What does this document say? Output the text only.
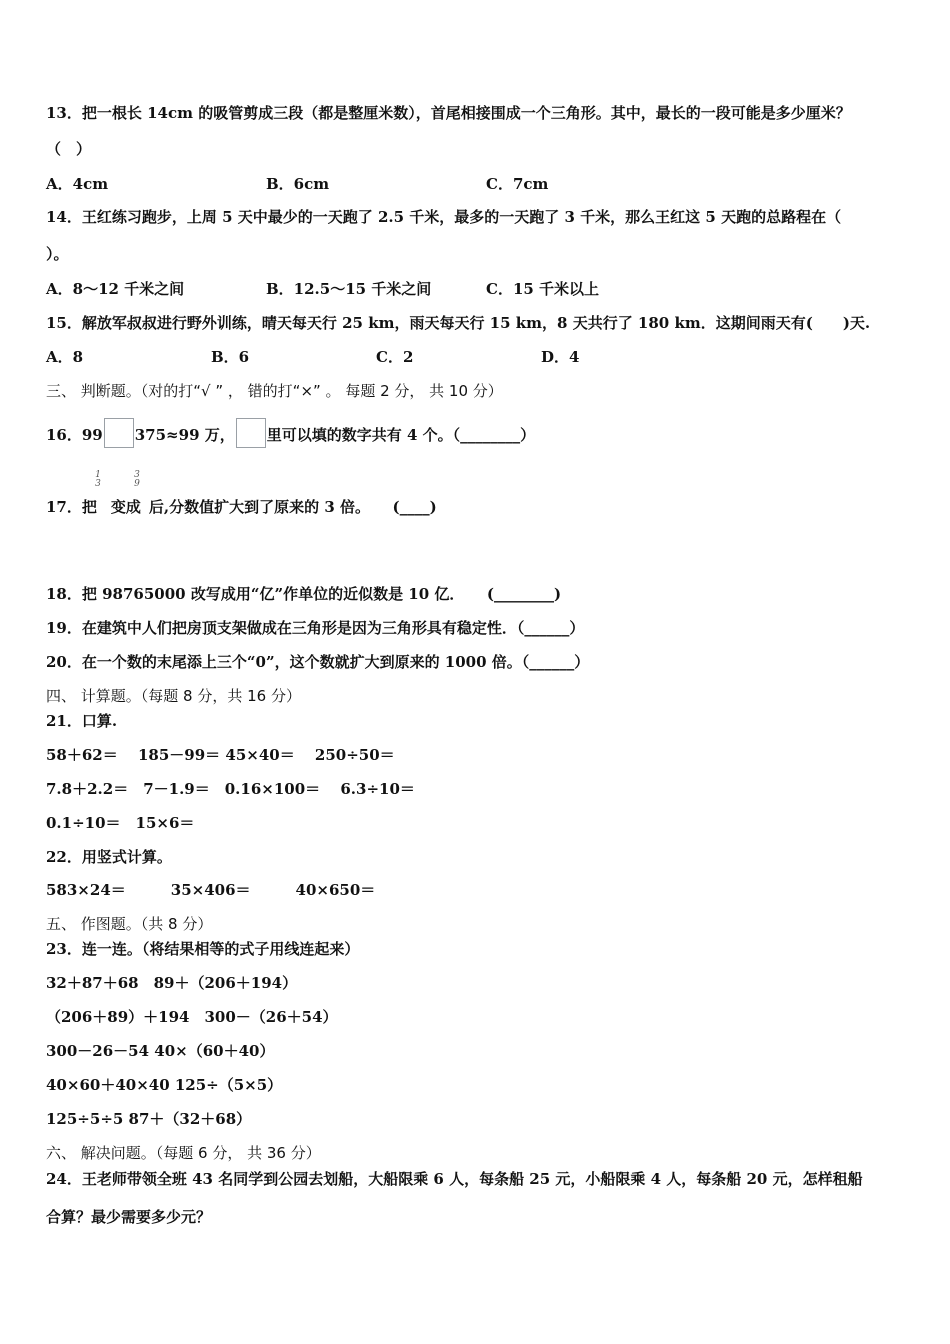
13．把一根长 14cm 的吸管剪成三段（都是整厘米数），首尾相接围成一个三角形。其中，最长的一段可能是多少厘米？
（　）
A．4cm	B．6cm	C．7cm
14．王红练习跑步，上周 5 天中最少的一天跑了 2.5 千米，最多的一天跑了 3 千米，那么王红这 5 天跑的总路程在（
）。
A．8～12 千米之间	B．12.5～15 千米之间	C．15 千米以上
15．解放军叔叔进行野外训练，晴天每天行 25 km，雨天每天行 15 km，8 天共行了 180 km．这期间雨天有(　　)天.
A．8	B．6	C．2	D．4
三、 判断题。（对的打“√ ” ， 错的打“×” 。 每题 2 分， 共 10 分）
16．99 375≈99 万， 里可以填的数字共有 4 个。（________）
1
3
3
9
17．把 变成 后,分数值扩大到了原来的 3 倍。　　(____)
18．把 98765000 改写成用“亿”作单位的近似数是 10 亿．　　(________)
19．在建筑中人们把房顶支架做成在三角形是因为三角形具有稳定性．（______）
20．在一个数的末尾添上三个“0”，这个数就扩大到原来的 1000 倍。（______）
四、 计算题。（每题 8 分，共 16 分）
21．口算.
58＋62＝　 185－99＝ 45×40＝　 250÷50＝
7.8＋2.2＝　7－1.9＝　0.16×100＝　 6.3÷10＝
0.1÷10＝　15×6＝
22．用竖式计算。
583×24＝　　　35×406＝　　　40×650＝
五、 作图题。（共 8 分）
23．连一连。（将结果相等的式子用线连起来）
32＋87＋68　89＋（206＋194）
（206＋89）＋194　300－（26＋54）
300－26－54 40×（60＋40）
40×60＋40×40 125÷（5×5）
125÷5÷5 87＋（32＋68）
六、 解决问题。（每题 6 分， 共 36 分）
24．王老师带领全班 43 名同学到公园去划船，大船限乘 6 人，每条船 25 元，小船限乘 4 人，每条船 20 元，怎样租船
合算？最少需要多少元？
